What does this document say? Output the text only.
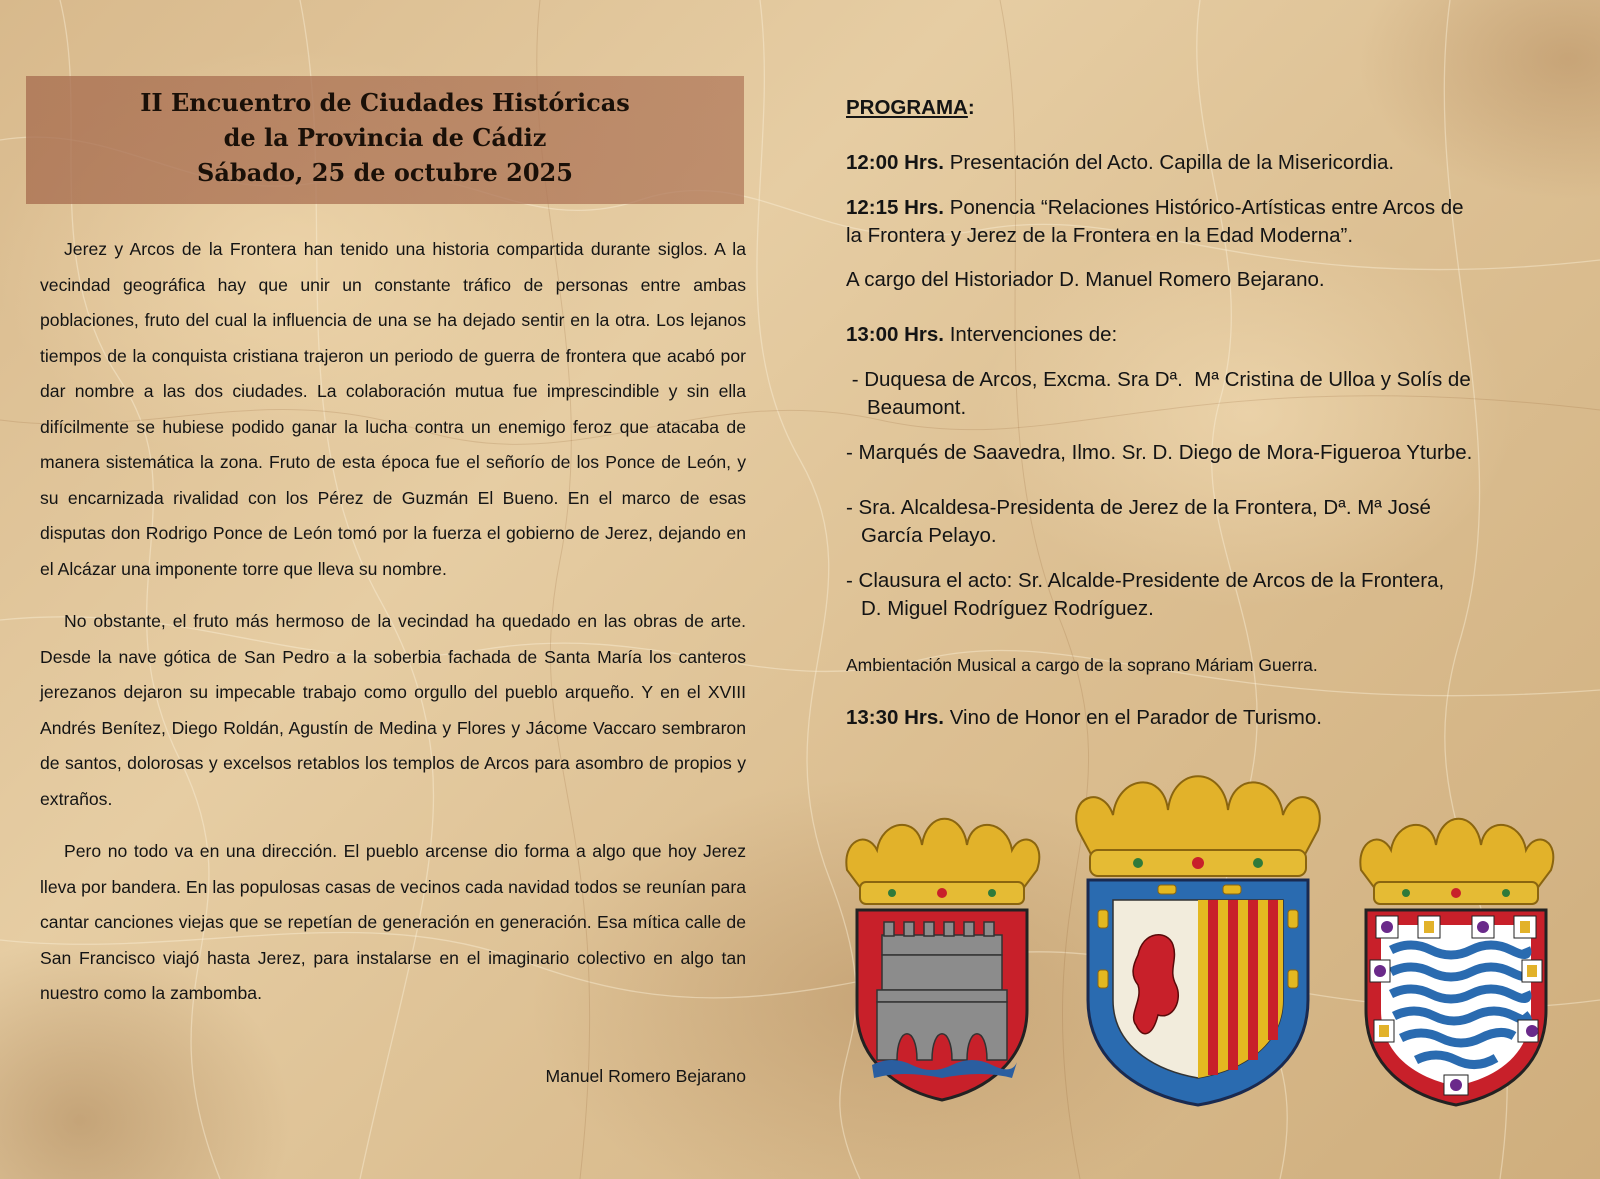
II Encuentro de Ciudades Históricas
de la Provincia de Cádiz
Sábado, 25 de octubre 2025

Jerez y Arcos de la Frontera han tenido una historia compartida durante siglos. A la vecindad geográfica hay que unir un constante tráfico de personas entre ambas poblaciones, fruto del cual la influencia de una se ha dejado sentir en la otra. Los lejanos tiempos de la conquista cristiana trajeron un periodo de guerra de frontera que acabó por dar nombre a las dos ciudades. La colaboración mutua fue imprescindible y sin ella difícilmente se hubiese podido ganar la lucha contra un enemigo feroz que atacaba de manera sistemática la zona. Fruto de esta época fue el señorío de los Ponce de León, y su encarnizada rivalidad con los Pérez de Guzmán El Bueno. En el marco de esas disputas don Rodrigo Ponce de León tomó por la fuerza el gobierno de Jerez, dejando en el Alcázar una imponente torre que lleva su nombre.

No obstante, el fruto más hermoso de la vecindad ha quedado en las obras de arte. Desde la nave gótica de San Pedro a la soberbia fachada de Santa María los canteros jerezanos dejaron su impecable trabajo como orgullo del pueblo arqueño. Y en el XVIII Andrés Benítez, Diego Roldán, Agustín de Medina y Flores y Jácome Vaccaro sembraron de santos, dolorosas y excelsos retablos los templos de Arcos para asombro de propios y extraños.

Pero no todo va en una dirección. El pueblo arcense dio forma a algo que hoy Jerez lleva por bandera. En las populosas casas de vecinos cada navidad todos se reunían para cantar canciones viejas que se repetían de generación en generación. Esa mítica calle de San Francisco viajó hasta Jerez, para instalarse en el imaginario colectivo en algo tan nuestro como la zambomba.

Manuel Romero Bejarano
PROGRAMA:
12:00 Hrs. Presentación del Acto. Capilla de la Misericordia.
12:15 Hrs. Ponencia “Relaciones Histórico-Artísticas entre Arcos de
la Frontera y Jerez de la Frontera en la Edad Moderna”.
A cargo del Historiador D. Manuel Romero Bejarano.
13:00 Hrs. Intervenciones de:
- Duquesa de Arcos, Excma. Sra Dª.  Mª Cristina de Ulloa y Solís de
Beaumont.
- Marqués de Saavedra, Ilmo. Sr. D. Diego de Mora-Figueroa Yturbe.
- Sra. Alcaldesa-Presidenta de Jerez de la Frontera, Dª. Mª José
García Pelayo.
- Clausura el acto: Sr. Alcalde-Presidente de Arcos de la Frontera,
D. Miguel Rodríguez Rodríguez.
Ambientación Musical a cargo de la soprano Máriam Guerra.
13:30 Hrs. Vino de Honor en el Parador de Turismo.
